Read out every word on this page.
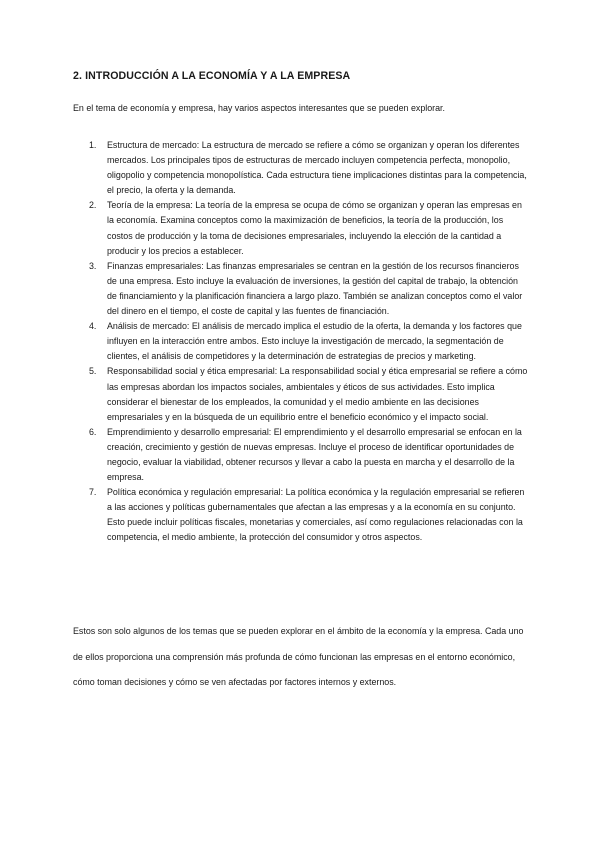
2. INTRODUCCIÓN A LA ECONOMÍA Y A LA EMPRESA

En el tema de economía y empresa, hay varios aspectos interesantes que se pueden explorar.

1. Estructura de mercado: La estructura de mercado se refiere a cómo se organizan y operan los diferentes mercados. Los principales tipos de estructuras de mercado incluyen competencia perfecta, monopolio, oligopolio y competencia monopolística. Cada estructura tiene implicaciones distintas para la competencia, el precio, la oferta y la demanda.
2. Teoría de la empresa: La teoría de la empresa se ocupa de cómo se organizan y operan las empresas en la economía. Examina conceptos como la maximización de beneficios, la teoría de la producción, los costos de producción y la toma de decisiones empresariales, incluyendo la elección de la cantidad a producir y los precios a establecer.
3. Finanzas empresariales: Las finanzas empresariales se centran en la gestión de los recursos financieros de una empresa. Esto incluye la evaluación de inversiones, la gestión del capital de trabajo, la obtención de financiamiento y la planificación financiera a largo plazo. También se analizan conceptos como el valor del dinero en el tiempo, el coste de capital y las fuentes de financiación.
4. Análisis de mercado: El análisis de mercado implica el estudio de la oferta, la demanda y los factores que influyen en la interacción entre ambos. Esto incluye la investigación de mercado, la segmentación de clientes, el análisis de competidores y la determinación de estrategias de precios y marketing.
5. Responsabilidad social y ética empresarial: La responsabilidad social y ética empresarial se refiere a cómo las empresas abordan los impactos sociales, ambientales y éticos de sus actividades. Esto implica considerar el bienestar de los empleados, la comunidad y el medio ambiente en las decisiones empresariales y en la búsqueda de un equilibrio entre el beneficio económico y el impacto social.
6. Emprendimiento y desarrollo empresarial: El emprendimiento y el desarrollo empresarial se enfocan en la creación, crecimiento y gestión de nuevas empresas. Incluye el proceso de identificar oportunidades de negocio, evaluar la viabilidad, obtener recursos y llevar a cabo la puesta en marcha y el desarrollo de la empresa.
7. Política económica y regulación empresarial: La política económica y la regulación empresarial se refieren a las acciones y políticas gubernamentales que afectan a las empresas y a la economía en su conjunto. Esto puede incluir políticas fiscales, monetarias y comerciales, así como regulaciones relacionadas con la competencia, el medio ambiente, la protección del consumidor y otros aspectos.

Estos son solo algunos de los temas que se pueden explorar en el ámbito de la economía y la empresa. Cada uno de ellos proporciona una comprensión más profunda de cómo funcionan las empresas en el entorno económico, cómo toman decisiones y cómo se ven afectadas por factores internos y externos.
